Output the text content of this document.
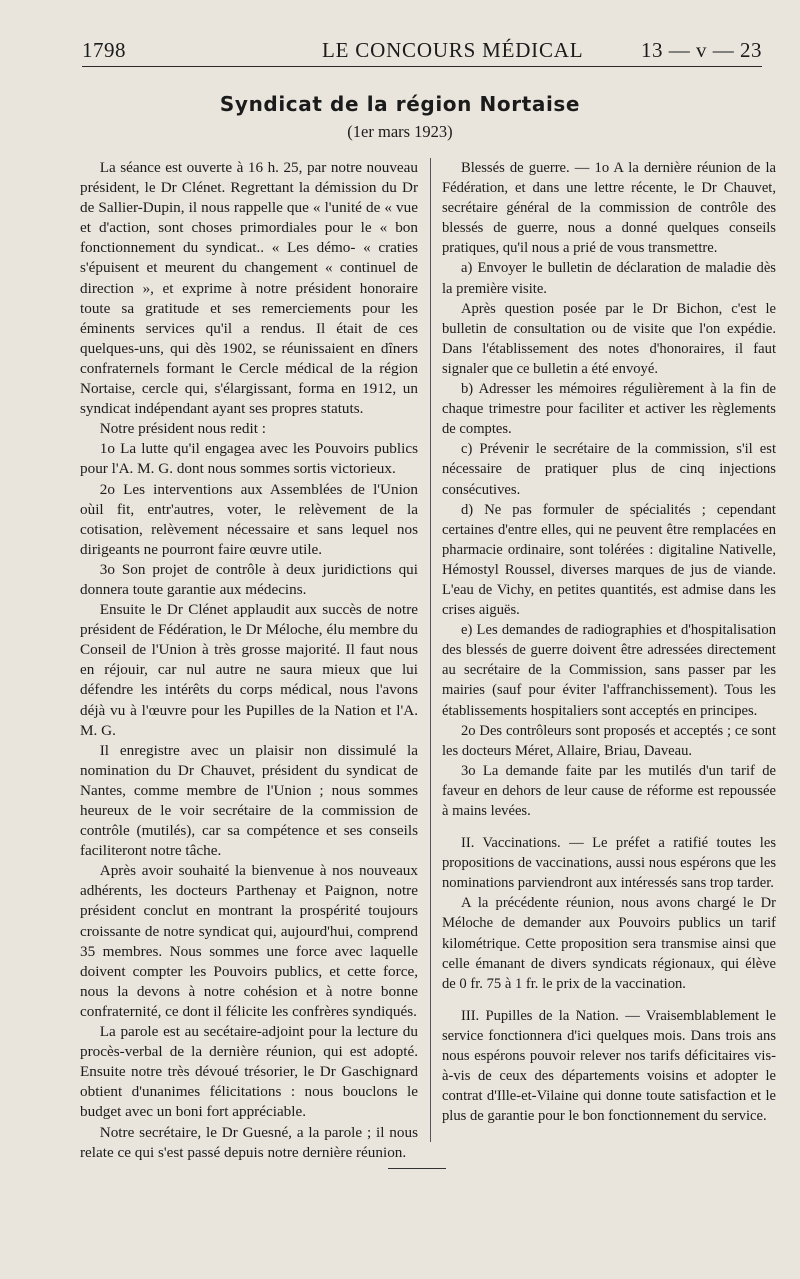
1798	LE CONCOURS MÉDICAL	13 — v — 23
Syndicat de la région Nortaise
(1er mars 1923)

La séance est ouverte à 16 h. 25, par notre nouveau président, le Dr Clénet. Regrettant la démission du Dr de Sallier-Dupin, il nous rappelle que « l'unité de « vue et d'action, sont choses primordiales pour le « bon fonctionnement du syndicat.. « Les démo- « craties s'épuisent et meurent du changement « continuel de direction », et exprime à notre président honoraire toute sa gratitude et ses remerciements pour les éminents services qu'il a rendus. Il était de ces quelques-uns, qui dès 1902, se réunissaient en dîners confraternels formant le Cercle médical de la région Nortaise, cercle qui, s'élargissant, forma en 1912, un syndicat indépendant ayant ses propres statuts.

Notre président nous redit :

1o La lutte qu'il engagea avec les Pouvoirs publics pour l'A. M. G. dont nous sommes sortis victorieux.

2o Les interventions aux Assemblées de l'Union oùil fit, entr'autres, voter, le relèvement de la cotisation, relèvement nécessaire et sans lequel nos dirigeants ne pourront faire œuvre utile.

3o Son projet de contrôle à deux juridictions qui donnera toute garantie aux médecins.

Ensuite le Dr Clénet applaudit aux succès de notre président de Fédération, le Dr Méloche, élu membre du Conseil de l'Union à très grosse majorité. Il faut nous en réjouir, car nul autre ne saura mieux que lui défendre les intérêts du corps médical, nous l'avons déjà vu à l'œuvre pour les Pupilles de la Nation et l'A. M. G.

Il enregistre avec un plaisir non dissimulé la nomination du Dr Chauvet, président du syndicat de Nantes, comme membre de l'Union ; nous sommes heureux de le voir secrétaire de la commission de contrôle (mutilés), car sa compétence et ses conseils faciliteront notre tâche.

Après avoir souhaité la bienvenue à nos nouveaux adhérents, les docteurs Parthenay et Paignon, notre président conclut en montrant la prospérité toujours croissante de notre syndicat qui, aujourd'hui, comprend 35 membres. Nous sommes une force avec laquelle doivent compter les Pouvoirs publics, et cette force, nous la devons à notre cohésion et à notre bonne confraternité, ce dont il félicite les confrères syndiqués.

La parole est au secétaire-adjoint pour la lecture du procès-verbal de la dernière réunion, qui est adopté. Ensuite notre très dévoué trésorier, le Dr Gaschignard obtient d'unanimes félicitations : nous bouclons le budget avec un boni fort appréciable.

Notre secrétaire, le Dr Guesné, a la parole ; il nous relate ce qui s'est passé depuis notre dernière réunion.

Blessés de guerre. — 1o A la dernière réunion de la Fédération, et dans une lettre récente, le Dr Chauvet, secrétaire général de la commission de contrôle des blessés de guerre, nous a donné quelques conseils pratiques, qu'il nous a prié de vous transmettre.

a) Envoyer le bulletin de déclaration de maladie dès la première visite.

Après question posée par le Dr Bichon, c'est le bulletin de consultation ou de visite que l'on expédie. Dans l'établissement des notes d'honoraires, il faut signaler que ce bulletin a été envoyé.

b) Adresser les mémoires régulièrement à la fin de chaque trimestre pour faciliter et activer les règlements de comptes.

c) Prévenir le secrétaire de la commission, s'il est nécessaire de pratiquer plus de cinq injections consécutives.

d) Ne pas formuler de spécialités ; cependant certaines d'entre elles, qui ne peuvent être remplacées en pharmacie ordinaire, sont tolérées : digitaline Nativelle, Hémostyl Roussel, diverses marques de jus de viande. L'eau de Vichy, en petites quantités, est admise dans les crises aiguës.

e) Les demandes de radiographies et d'hospitalisation des blessés de guerre doivent être adressées directement au secrétaire de la Commission, sans passer par les mairies (sauf pour éviter l'affranchissement). Tous les établissements hospitaliers sont acceptés en principes.

2o Des contrôleurs sont proposés et acceptés ; ce sont les docteurs Méret, Allaire, Briau, Daveau.

3o La demande faite par les mutilés d'un tarif de faveur en dehors de leur cause de réforme est repoussée à mains levées.

II. Vaccinations. — Le préfet a ratifié toutes les propositions de vaccinations, aussi nous espérons que les nominations parviendront aux intéressés sans trop tarder.

A la précédente réunion, nous avons chargé le Dr Méloche de demander aux Pouvoirs publics un tarif kilométrique. Cette proposition sera transmise ainsi que celle émanant de divers syndicats régionaux, qui élève de 0 fr. 75 à 1 fr. le prix de la vaccination.

III. Pupilles de la Nation. — Vraisemblablement le service fonctionnera d'ici quelques mois. Dans trois ans nous espérons pouvoir relever nos tarifs déficitaires vis-à-vis de ceux des départements voisins et adopter le contrat d'Ille-et-Vilaine qui donne toute satisfaction et le plus de garantie pour le bon fonctionnement du service.
